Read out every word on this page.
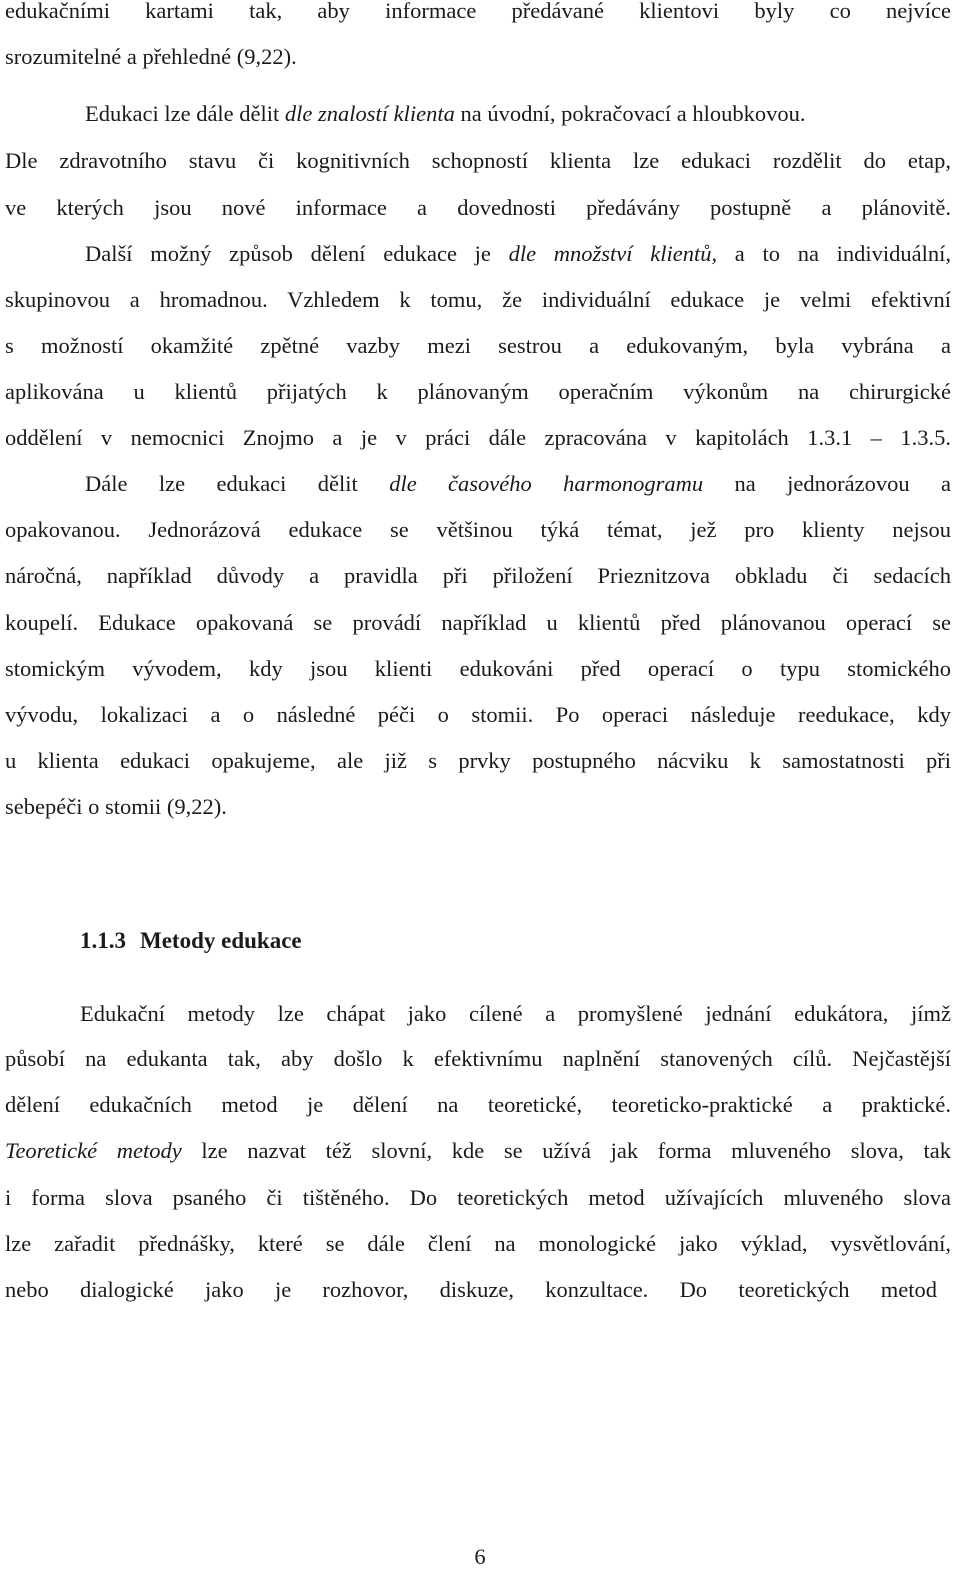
edukačními kartami tak, aby informace předávané klientovi byly co nejvíce
srozumitelné a přehledné (9,22).
Edukaci lze dále dělit dle znalostí klienta na úvodní, pokračovací a hloubkovou.
Dle zdravotního stavu či kognitivních schopností klienta lze edukaci rozdělit do etap,
ve kterých jsou nové informace a dovednosti předávány postupně a plánovitě.
Další možný způsob dělení edukace je dle množství klientů, a to na individuální,
skupinovou a hromadnou. Vzhledem k tomu, že individuální edukace je velmi efektivní
s možností okamžité zpětné vazby mezi sestrou a edukovaným, byla vybrána a
aplikována u klientů přijatých k plánovaným operačním výkonům na chirurgické
oddělení v nemocnici Znojmo a je v práci dále zpracována v kapitolách 1.3.1 – 1.3.5.
Dále lze edukaci dělit dle časového harmonogramu na jednorázovou a
opakovanou. Jednorázová edukace se většinou týká témat, jež pro klienty nejsou
náročná, například důvody a pravidla při přiložení Prieznitzova obkladu či sedacích
koupelí. Edukace opakovaná se provádí například u klientů před plánovanou operací se
stomickým vývodem, kdy jsou klienti edukováni před operací o typu stomického
vývodu, lokalizaci a o následné péči o stomii. Po operaci následuje reedukace, kdy
u klienta edukaci opakujeme, ale již s prvky postupného nácviku k samostatnosti při
sebepéči o stomii (9,22).
1.1.3 Metody edukace
Edukační metody lze chápat jako cílené a promyšlené jednání edukátora, jímž
působí na edukanta tak, aby došlo k efektivnímu naplnění stanovených cílů. Nejčastější
dělení edukačních metod je dělení na teoretické, teoreticko-praktické a praktické.
Teoretické metody lze nazvat též slovní, kde se užívá jak forma mluveného slova, tak
i forma slova psaného či tištěného. Do teoretických metod užívajících mluveného slova
lze zařadit přednášky, které se dále člení na monologické jako výklad, vysvětlování,
nebo dialogické jako je rozhovor, diskuze, konzultace. Do teoretických metod
6
